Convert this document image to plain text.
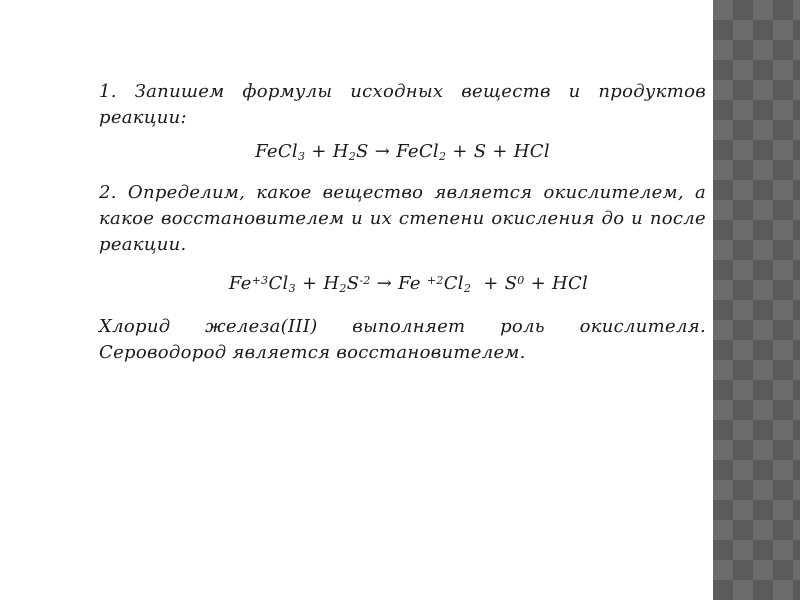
1. Запишем формулы исходных веществ и продуктов реакции:

FeCl$_3$ + $H_2S$ → FeCl$_2$ + S + HCl

2. Определим, какое вещество является окислителем, а какое восстановителем и их степени окисления до и после реакции.

$Fe^{+3}Cl_3 + H_2S^{-2} \to Fe$ $^{+2}Cl_2 + S^0$ + HCl

Хлорид железа(III) выполняет роль окислителя. Сероводород является восстановителем.
